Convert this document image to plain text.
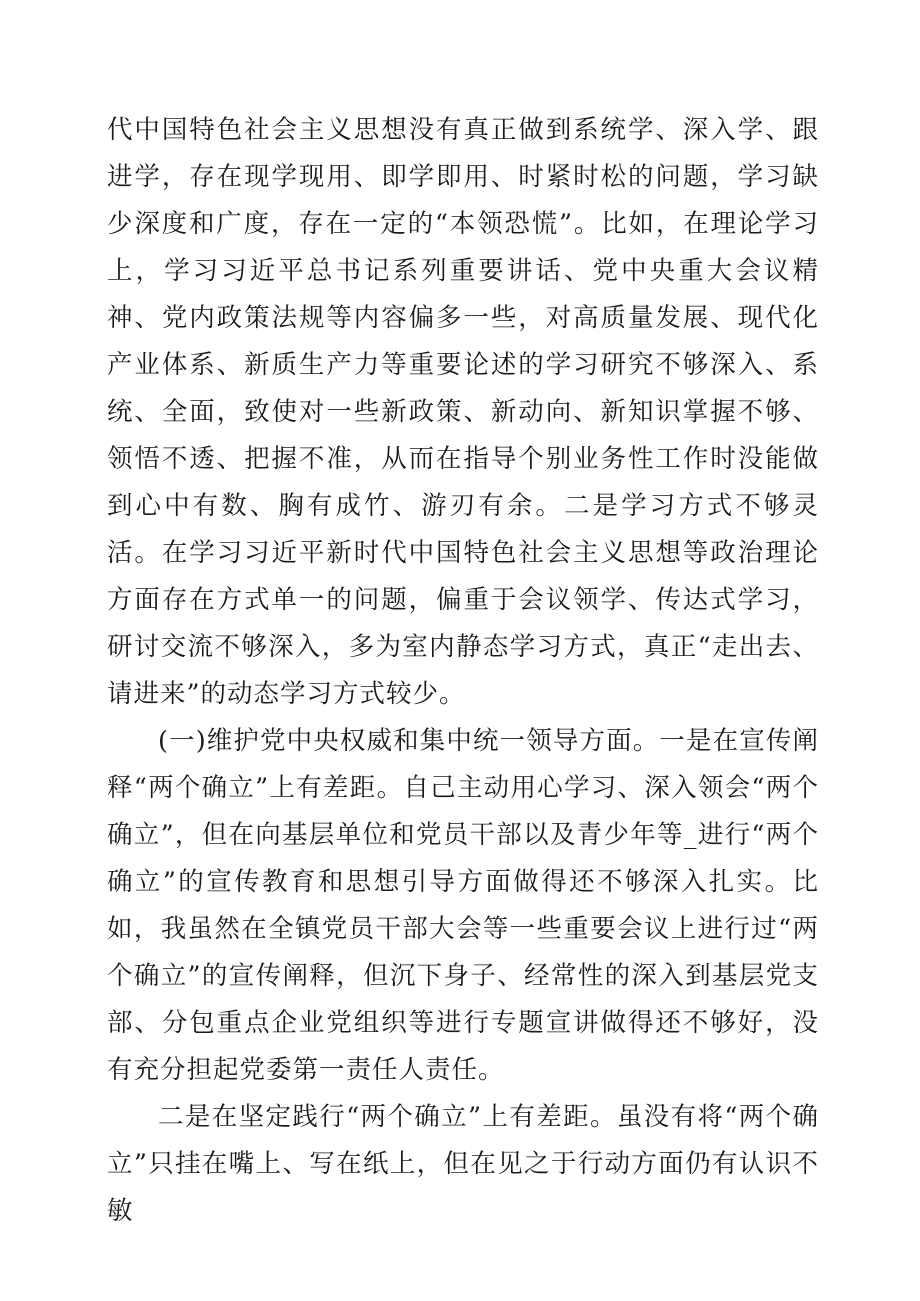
代中国特色社会主义思想没有真正做到系统学、深入学、跟进学，存在现学现用、即学即用、时紧时松的问题，学习缺少深度和广度，存在一定的“本领恐慌”。比如，在理论学习上，学习习近平总书记系列重要讲话、党中央重大会议精神、党内政策法规等内容偏多一些，对高质量发展、现代化产业体系、新质生产力等重要论述的学习研究不够深入、系统、全面，致使对一些新政策、新动向、新知识掌握不够、领悟不透、把握不准，从而在指导个别业务性工作时没能做到心中有数、胸有成竹、游刃有余。二是学习方式不够灵活。在学习习近平新时代中国特色社会主义思想等政治理论方面存在方式单一的问题，偏重于会议领学、传达式学习，研讨交流不够深入，多为室内静态学习方式，真正“走出去、请进来”的动态学习方式较少。

(一)维护党中央权威和集中统一领导方面。一是在宣传阐释“两个确立”上有差距。自己主动用心学习、深入领会“两个确立”，但在向基层单位和党员干部以及青少年等_进行“两个确立”的宣传教育和思想引导方面做得还不够深入扎实。比如，我虽然在全镇党员干部大会等一些重要会议上进行过“两个确立”的宣传阐释，但沉下身子、经常性的深入到基层党支部、分包重点企业党组织等进行专题宣讲做得还不够好，没有充分担起党委第一责任人责任。

二是在坚定践行“两个确立”上有差距。虽没有将“两个确立”只挂在嘴上、写在纸上，但在见之于行动方面仍有认识不敏
